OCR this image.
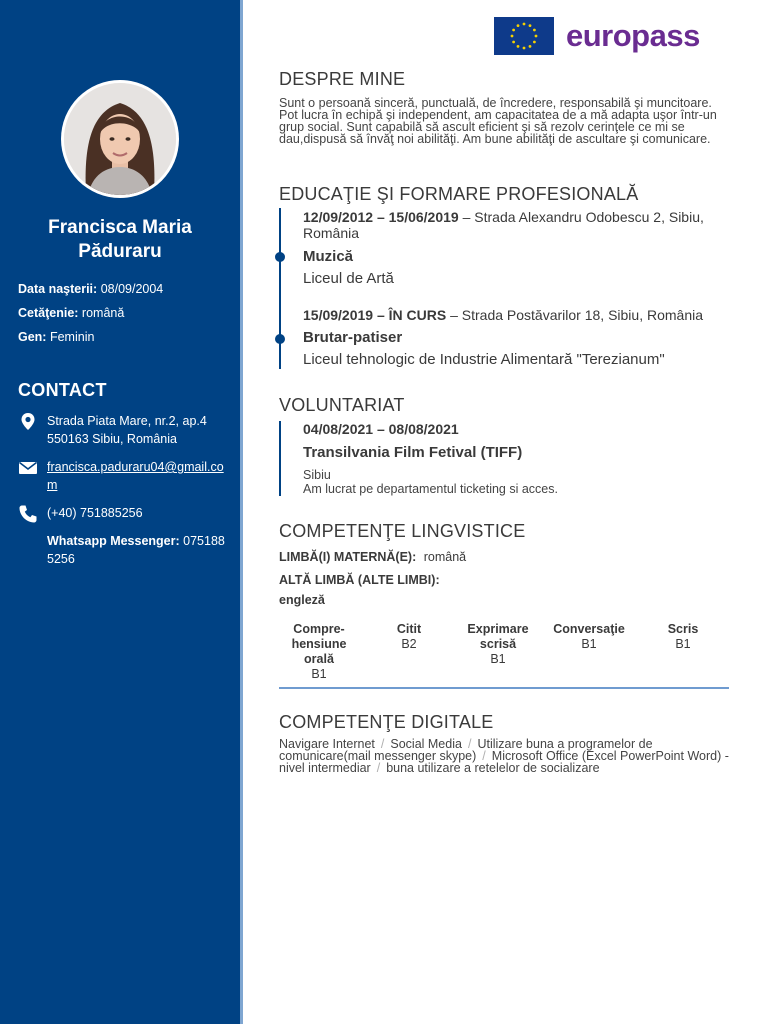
Francisca Maria
Păduraru
Data naşterii: 08/09/2004
Cetăţenie: română
Gen: Feminin
CONTACT
Strada Piata Mare, nr.2, ap.4
550163 Sibiu, România
francisca.paduraru04@gmail.com
(+40) 751885256
Whatsapp Messenger: 0751885256
europass
DESPRE MINE
Sunt o persoană sinceră, punctuală, de încredere, responsabilă şi muncitoare. Pot lucra în echipă şi independent, am capacitatea de a mă adapta uşor într-un grup social. Sunt capabilă să ascult eficient şi să rezolv cerinţele ce mi se dau,dispusă să învăţ noi abilităţi. Am bune abilităţi de ascultare şi comunicare.
EDUCAŢIE ŞI FORMARE PROFESIONALĂ
12/09/2012 – 15/06/2019 – Strada Alexandru Odobescu 2, Sibiu, România
Muzică
Liceul de Artă
15/09/2019 – ÎN CURS – Strada Postăvarilor 18, Sibiu, România
Brutar-patiser
Liceul tehnologic de Industrie Alimentară "Terezianum"
VOLUNTARIAT
04/08/2021 – 08/08/2021
Transilvania Film Fetival (TIFF)
Sibiu
Am lucrat pe departamentul ticketing si acces.
COMPETENŢE LINGVISTICE
LIMBĂ(I) MATERNĂ(E): română
ALTĂ LIMBĂ (ALTE LIMBI):
engleză
Compre-
hensiune
orală
B1
Citit
B2
Exprimare
scrisă
B1
Conversaţie
B1
Scris
B1
COMPETENŢE DIGITALE
Navigare Internet / Social Media / Utilizare buna a programelor de comunicare(mail messenger skype) / Microsoft Office (Excel PowerPoint Word) - nivel intermediar / buna utilizare a retelelor de socializare
